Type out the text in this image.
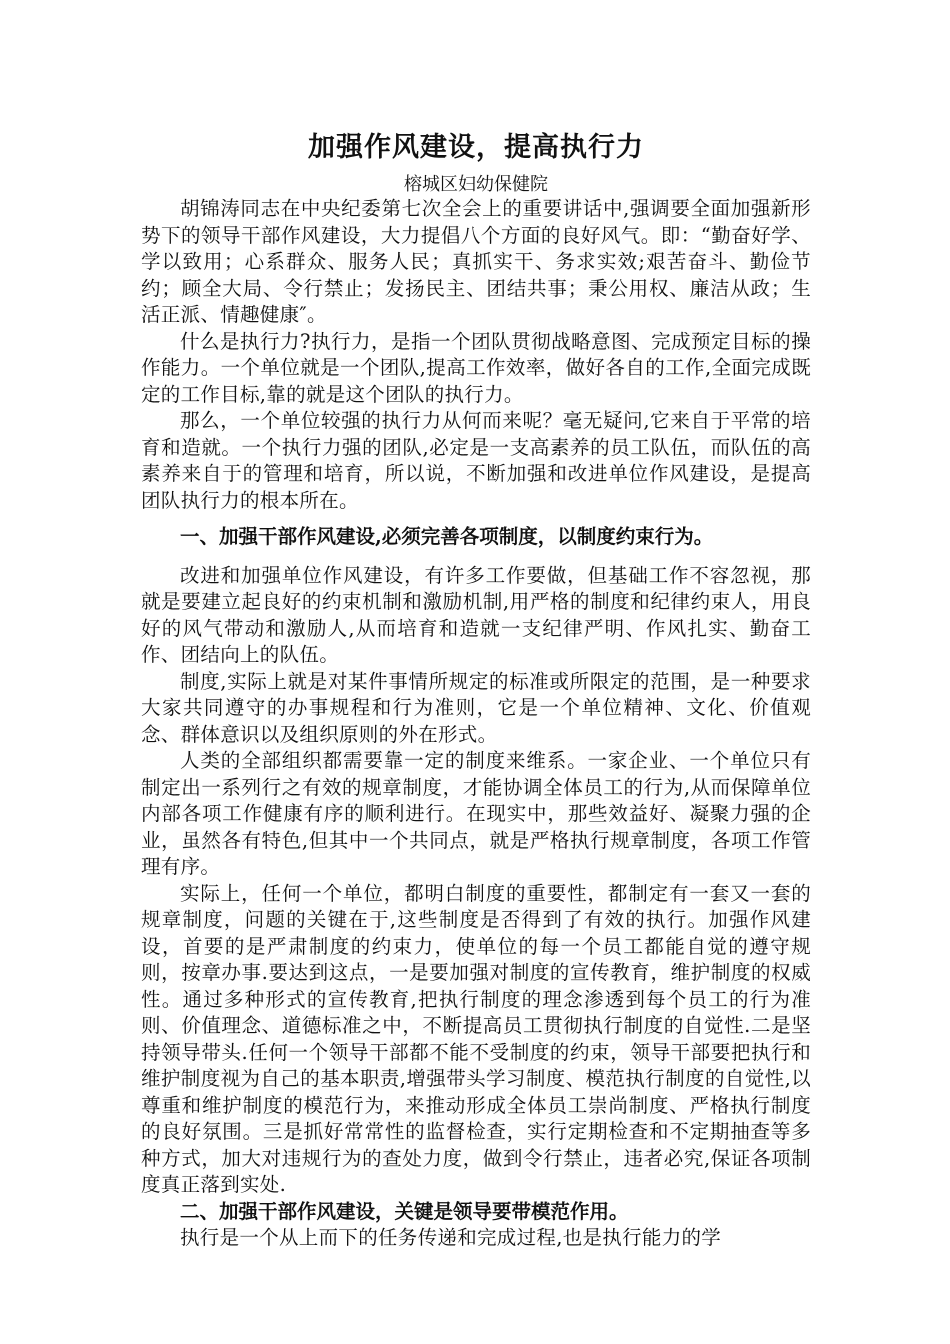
加强作风建设，提高执行力

榕城区妇幼保健院

胡锦涛同志在中央纪委第七次全会上的重要讲话中,强调要全面加强新形势下的领导干部作风建设，大力提倡八个方面的良好风气。即：“勤奋好学、学以致用；心系群众、服务人民；真抓实干、务求实效;艰苦奋斗、勤俭节约；顾全大局、令行禁止；发扬民主、团结共事；秉公用权、廉洁从政；生活正派、情趣健康″。

什么是执行力?执行力，是指一个团队贯彻战略意图、完成预定目标的操作能力。一个单位就是一个团队,提高工作效率，做好各自的工作,全面完成既定的工作目标,靠的就是这个团队的执行力。

那么，一个单位较强的执行力从何而来呢？毫无疑问,它来自于平常的培育和造就。一个执行力强的团队,必定是一支高素养的员工队伍，而队伍的高素养来自于的管理和培育，所以说，不断加强和改进单位作风建设，是提高团队执行力的根本所在。

一、加强干部作风建设,必须完善各项制度，以制度约束行为。

改进和加强单位作风建设，有许多工作要做，但基础工作不容忽视，那就是要建立起良好的约束机制和激励机制,用严格的制度和纪律约束人，用良好的风气带动和激励人,从而培育和造就一支纪律严明、作风扎实、勤奋工作、团结向上的队伍。

制度,实际上就是对某件事情所规定的标准或所限定的范围，是一种要求大家共同遵守的办事规程和行为准则，它是一个单位精神、文化、价值观念、群体意识以及组织原则的外在形式。

人类的全部组织都需要靠一定的制度来维系。一家企业、一个单位只有制定出一系列行之有效的规章制度，才能协调全体员工的行为,从而保障单位内部各项工作健康有序的顺利进行。在现实中，那些效益好、凝聚力强的企业，虽然各有特色,但其中一个共同点，就是严格执行规章制度，各项工作管理有序。

实际上，任何一个单位，都明白制度的重要性，都制定有一套又一套的规章制度，问题的关键在于,这些制度是否得到了有效的执行。加强作风建设，首要的是严肃制度的约束力，使单位的每一个员工都能自觉的遵守规则，按章办事.要达到这点，一是要加强对制度的宣传教育，维护制度的权威性。通过多种形式的宣传教育,把执行制度的理念渗透到每个员工的行为准则、价值理念、道德标准之中，不断提高员工贯彻执行制度的自觉性.二是坚持领导带头.任何一个领导干部都不能不受制度的约束，领导干部要把执行和维护制度视为自己的基本职责,增强带头学习制度、模范执行制度的自觉性,以尊重和维护制度的模范行为，来推动形成全体员工崇尚制度、严格执行制度的良好氛围。三是抓好常常性的监督检查，实行定期检查和不定期抽查等多种方式，加大对违规行为的查处力度，做到令行禁止，违者必究,保证各项制度真正落到实处.

二、加强干部作风建设，关键是领导要带模范作用。

执行是一个从上而下的任务传递和完成过程,也是执行能力的学
